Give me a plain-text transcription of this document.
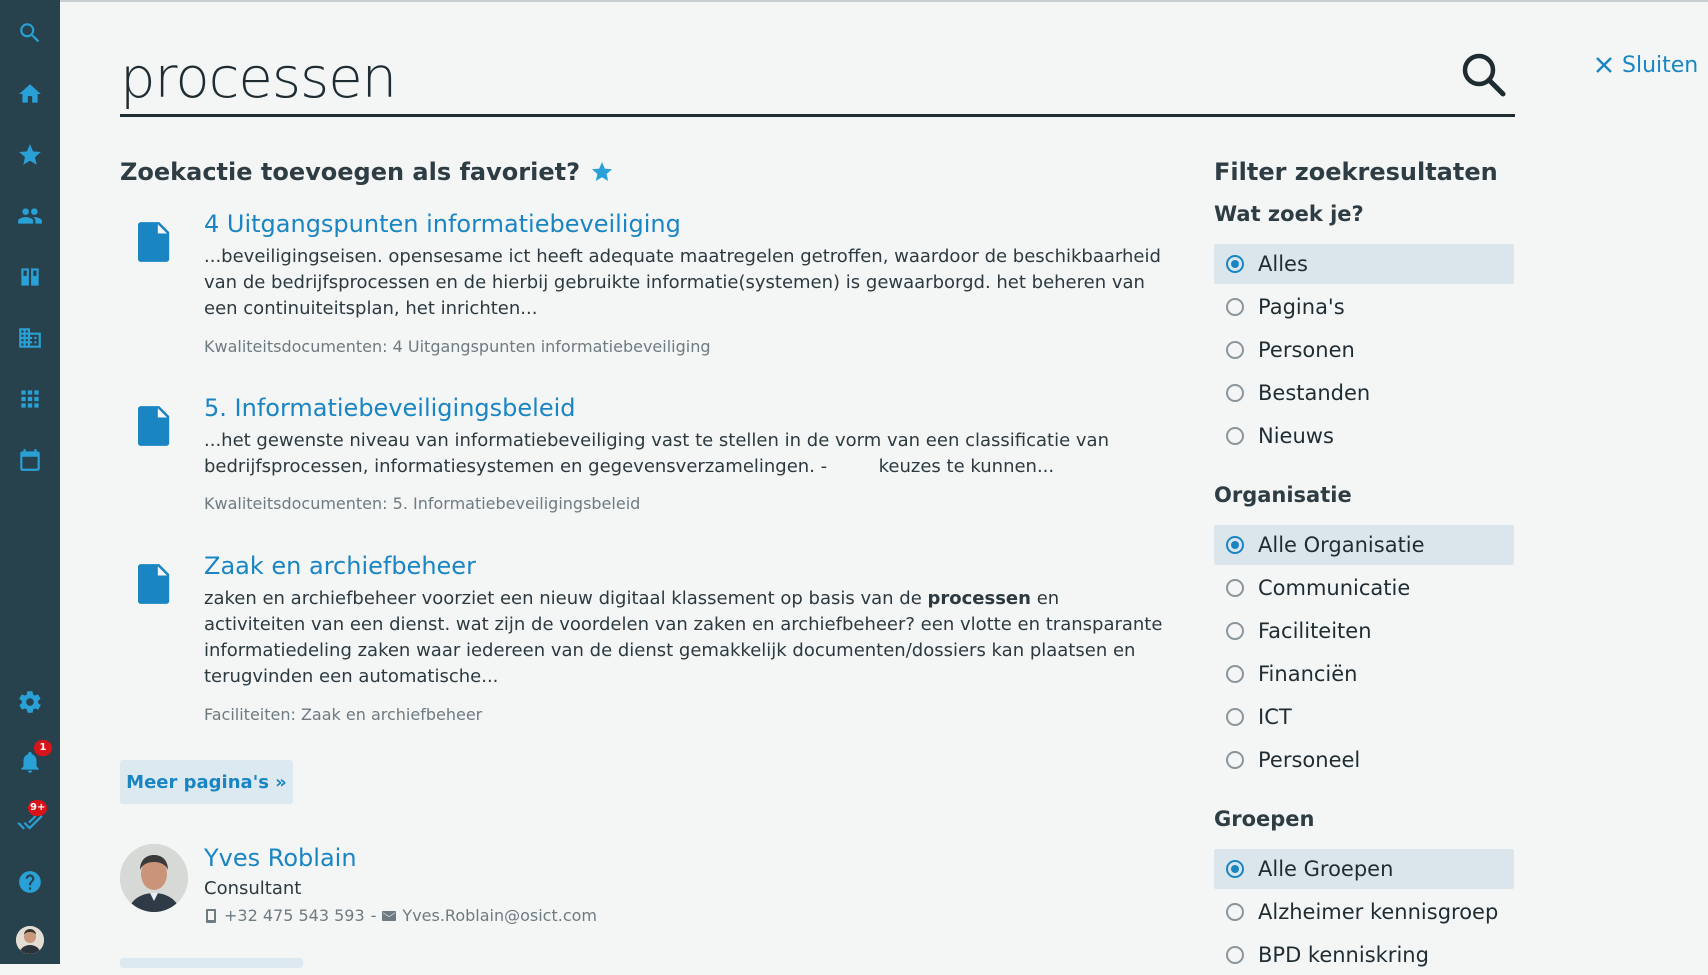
1
9+
processen
Sluiten
Zoekactie toevoegen als favoriet?
4 Uitgangspunten informatiebeveiliging
...beveiligingseisen. opensesame ict heeft adequate maatregelen getroffen, waardoor de beschikbaarheid van de bedrijfsprocessen en de hierbij gebruikte informatie(systemen) is gewaarborgd. het beheren van een continuiteitsplan, het inrichten...
Kwaliteitsdocumenten: 4 Uitgangspunten informatiebeveiliging
5. Informatiebeveiligingsbeleid
...het gewenste niveau van informatiebeveiliging vast te stellen in de vorm van een classificatie van bedrijfsprocessen, informatiesystemen en gegevensverzamelingen. -         keuzes te kunnen...
Kwaliteitsdocumenten: 5. Informatiebeveiligingsbeleid
Zaak en archiefbeheer
zaken en archiefbeheer voorziet een nieuw digitaal klassement op basis van de processen en activiteiten van een dienst. wat zijn de voordelen van zaken en archiefbeheer? een vlotte en transparante informatiedeling zaken waar iedereen van de dienst gemakkelijk documenten/dossiers kan plaatsen en terugvinden een automatische...
Faciliteiten: Zaak en archiefbeheer
Meer pagina's »
Yves Roblain
Consultant
+32 475 543 593 - Yves.Roblain@osict.com
Filter zoekresultaten
Wat zoek je?
Alles
Pagina's
Personen
Bestanden
Nieuws
Organisatie
Alle Organisatie
Communicatie
Faciliteiten
Financiën
ICT
Personeel
Groepen
Alle Groepen
Alzheimer kennisgroep
BPD kenniskring
